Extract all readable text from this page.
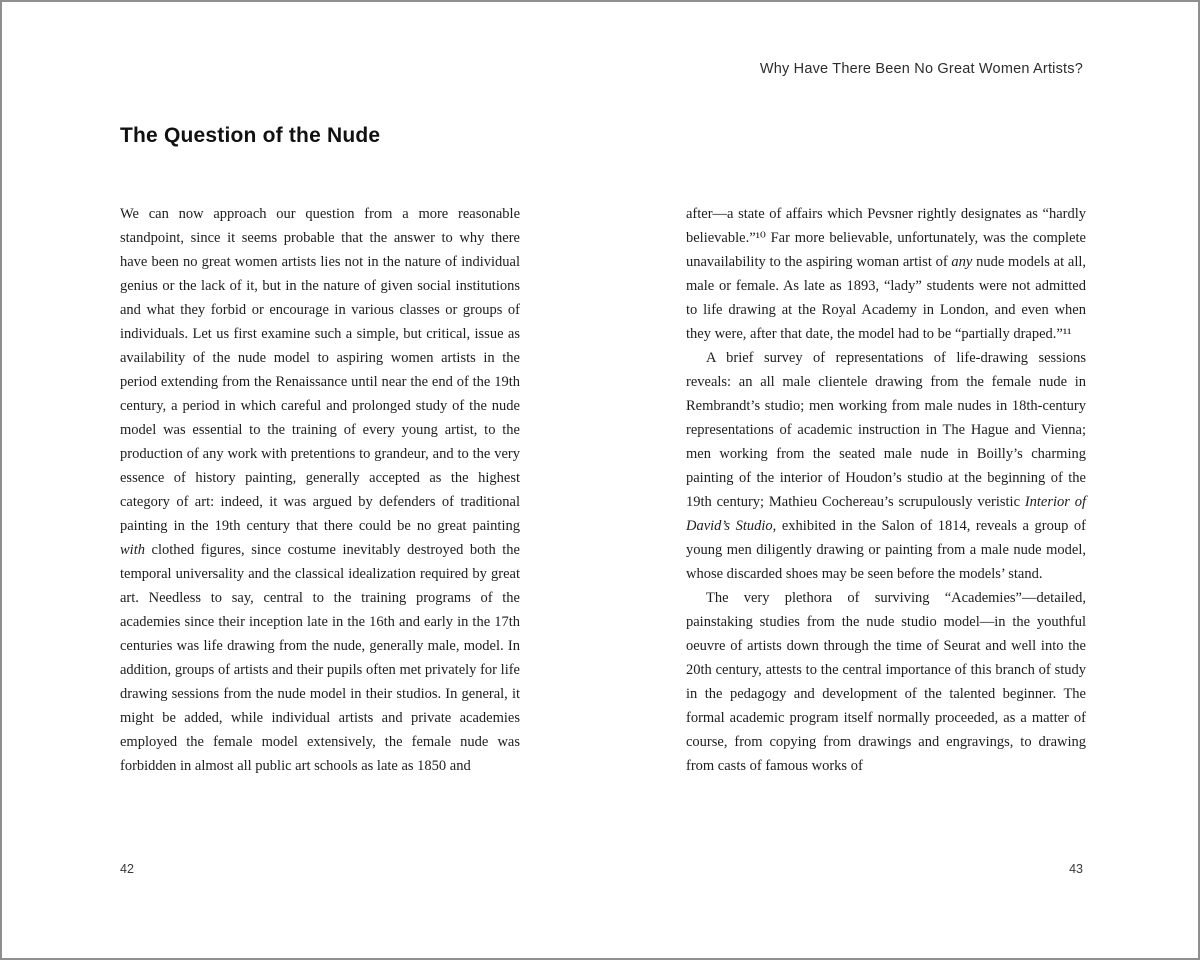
Why Have There Been No Great Women Artists?
The Question of the Nude

We can now approach our question from a more reasonable standpoint, since it seems probable that the answer to why there have been no great women artists lies not in the nature of individual genius or the lack of it, but in the nature of given social institutions and what they forbid or encourage in various classes or groups of individuals. Let us first examine such a simple, but critical, issue as availability of the nude model to aspiring women artists in the period extending from the Renaissance until near the end of the 19th century, a period in which careful and prolonged study of the nude model was essential to the training of every young artist, to the production of any work with pretentions to grandeur, and to the very essence of history painting, generally accepted as the highest category of art: indeed, it was argued by defenders of traditional painting in the 19th century that there could be no great painting with clothed figures, since costume inevitably destroyed both the temporal universality and the classical idealization required by great art. Needless to say, central to the training programs of the academies since their inception late in the 16th and early in the 17th centuries was life drawing from the nude, generally male, model. In addition, groups of artists and their pupils often met privately for life drawing sessions from the nude model in their studios. In general, it might be added, while individual artists and private academies employed the female model extensively, the female nude was forbidden in almost all public art schools as late as 1850 and

after—a state of affairs which Pevsner rightly designates as “hardly believable.”¹⁰ Far more believable, unfortunately, was the complete unavailability to the aspiring woman artist of any nude models at all, male or female. As late as 1893, “lady” students were not admitted to life drawing at the Royal Academy in London, and even when they were, after that date, the model had to be “partially draped.”¹¹

A brief survey of representations of life-drawing sessions reveals: an all male clientele drawing from the female nude in Rembrandt’s studio; men working from male nudes in 18th-century representations of academic instruction in The Hague and Vienna; men working from the seated male nude in Boilly’s charming painting of the interior of Houdon’s studio at the beginning of the 19th century; Mathieu Cochereau’s scrupulously veristic Interior of David’s Studio, exhibited in the Salon of 1814, reveals a group of young men diligently drawing or painting from a male nude model, whose discarded shoes may be seen before the models’ stand.

The very plethora of surviving “Academies”—detailed, painstaking studies from the nude studio model—in the youthful oeuvre of artists down through the time of Seurat and well into the 20th century, attests to the central importance of this branch of study in the pedagogy and development of the talented beginner. The formal academic program itself normally proceeded, as a matter of course, from copying from drawings and engravings, to drawing from casts of famous works of

42	43
